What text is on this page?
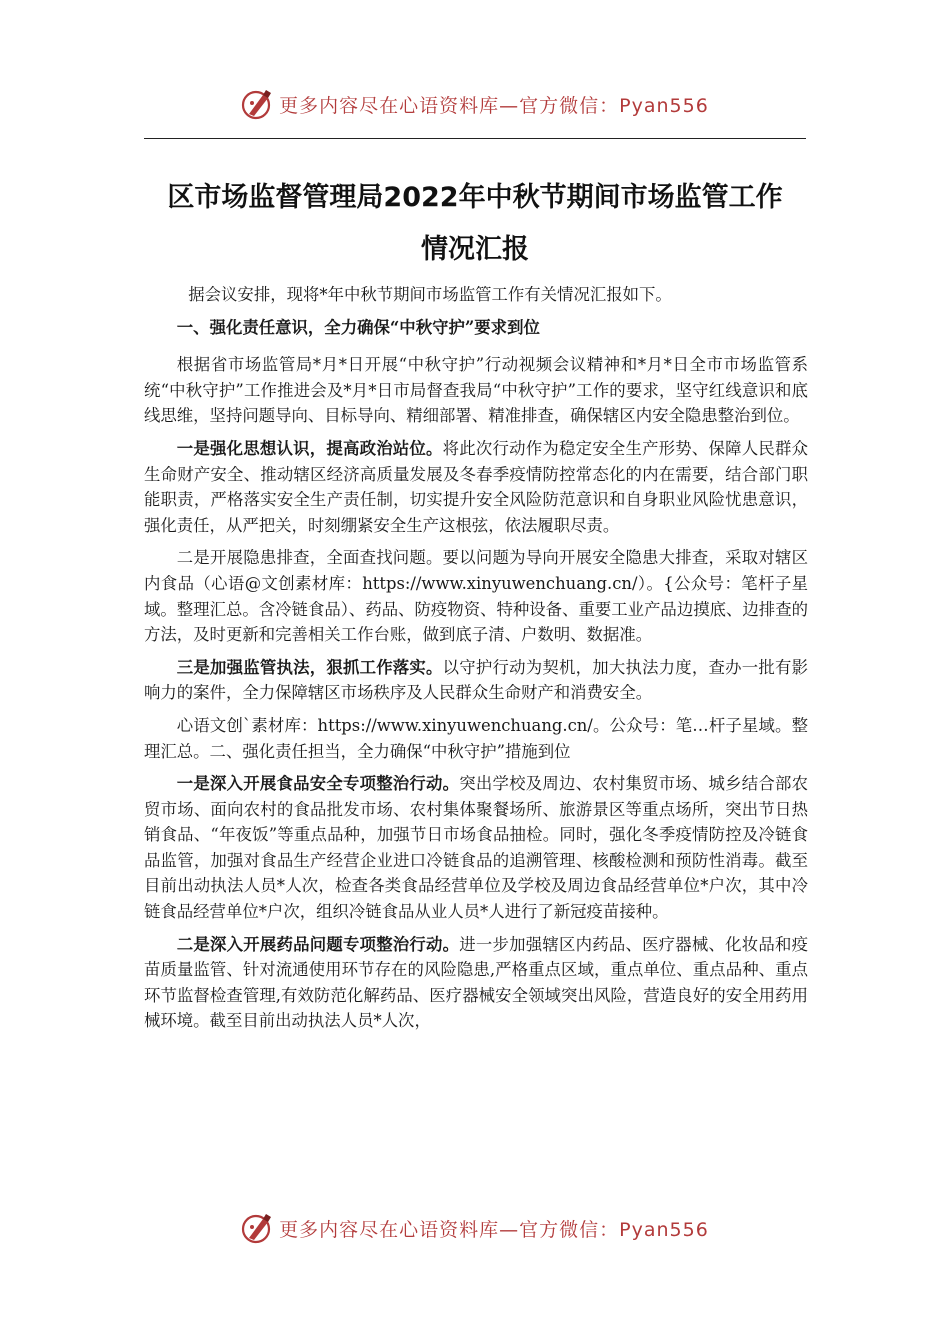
更多内容尽在心语资料库—官方微信：Pyan556
区市场监督管理局2022年中秋节期间市场监管工作
情况汇报

据会议安排，现将*年中秋节期间市场监管工作有关情况汇报如下。

一、强化责任意识，全力确保“中秋守护”要求到位

根据省市场监管局*月*日开展“中秋守护”行动视频会议精神和*月*日全市市场监管系统“中秋守护”工作推进会及*月*日市局督查我局“中秋守护”工作的要求，坚守红线意识和底线思维，坚持问题导向、目标导向、精细部署、精准排查，确保辖区内安全隐患整治到位。

一是强化思想认识，提高政治站位。将此次行动作为稳定安全生产形势、保障人民群众生命财产安全、推动辖区经济高质量发展及冬春季疫情防控常态化的内在需要，结合部门职能职责，严格落实安全生产责任制，切实提升安全风险防范意识和自身职业风险忧患意识，强化责任，从严把关，时刻绷紧安全生产这根弦，依法履职尽责。

二是开展隐患排查，全面查找问题。要以问题为导向开展安全隐患大排查，采取对辖区内食品（心语@文创素材库：https://www.xinyuwenchuang.cn/）。{公众号：笔杆子星域。整理汇总。含冷链食品）、药品、防疫物资、特种设备、重要工业产品边摸底、边排查的方法，及时更新和完善相关工作台账，做到底子清、户数明、数据准。

三是加强监管执法，狠抓工作落实。以守护行动为契机，加大执法力度，查办一批有影响力的案件，全力保障辖区市场秩序及人民群众生命财产和消费安全。

心语文创`素材库：https://www.xinyuwenchuang.cn/。公众号：笔…杆子星域。整理汇总。二、强化责任担当，全力确保“中秋守护”措施到位

一是深入开展食品安全专项整治行动。突出学校及周边、农村集贸市场、城乡结合部农贸市场、面向农村的食品批发市场、农村集体聚餐场所、旅游景区等重点场所，突出节日热销食品、“年夜饭”等重点品种，加强节日市场食品抽检。同时，强化冬季疫情防控及冷链食品监管，加强对食品生产经营企业进口冷链食品的追溯管理、核酸检测和预防性消毒。截至目前出动执法人员*人次，检查各类食品经营单位及学校及周边食品经营单位*户次，其中冷链食品经营单位*户次，组织冷链食品从业人员*人进行了新冠疫苗接种。

二是深入开展药品问题专项整治行动。进一步加强辖区内药品、医疗器械、化妆品和疫苗质量监管、针对流通使用环节存在的风险隐患,严格重点区域，重点单位、重点品种、重点环节监督检查管理,有效防范化解药品、医疗器械安全领域突出风险，营造良好的安全用药用械环境。截至目前出动执法人员*人次，

更多内容尽在心语资料库—官方微信：Pyan556
